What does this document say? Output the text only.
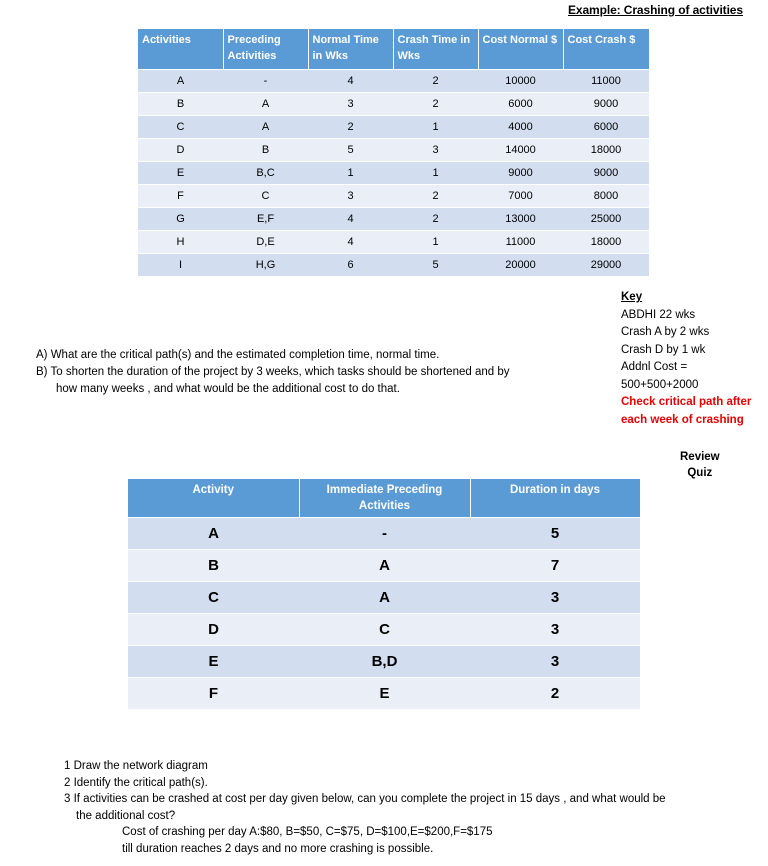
Example: Crashing of activities
Activities	Preceding Activities	Normal Time in Wks	Crash Time in Wks	Cost Normal $	Cost Crash $
A	-	4	2	10000	11000
B	A	3	2	6000	9000
C	A	2	1	4000	6000
D	B	5	3	14000	18000
E	B,C	1	1	9000	9000
F	C	3	2	7000	8000
G	E,F	4	2	13000	25000
H	D,E	4	1	11000	18000
I	H,G	6	5	20000	29000
Key
ABDHI 22 wks
Crash A by 2 wks
Crash D by 1 wk
Addnl Cost =
500+500+2000
Check critical path after
each week of crashing
A) What are the critical path(s) and the estimated completion time, normal time.
B) To shorten the duration of the project by 3 weeks, which tasks should be shortened and by
how many weeks , and what would be the additional cost to do that.
Review
Quiz
Activity	Immediate Preceding Activities	Duration in days
A	-	5
B	A	7
C	A	3
D	C	3
E	B,D	3
F	E	2
1 Draw the network diagram
2 Identify the critical path(s).
3 If activities can be crashed at cost per day given below, can you complete the project in 15 days , and what would be
the additional cost?
Cost of crashing per day A:$80, B=$50, C=$75, D=$100,E=$200,F=$175
till duration reaches 2 days and no more crashing is possible.
